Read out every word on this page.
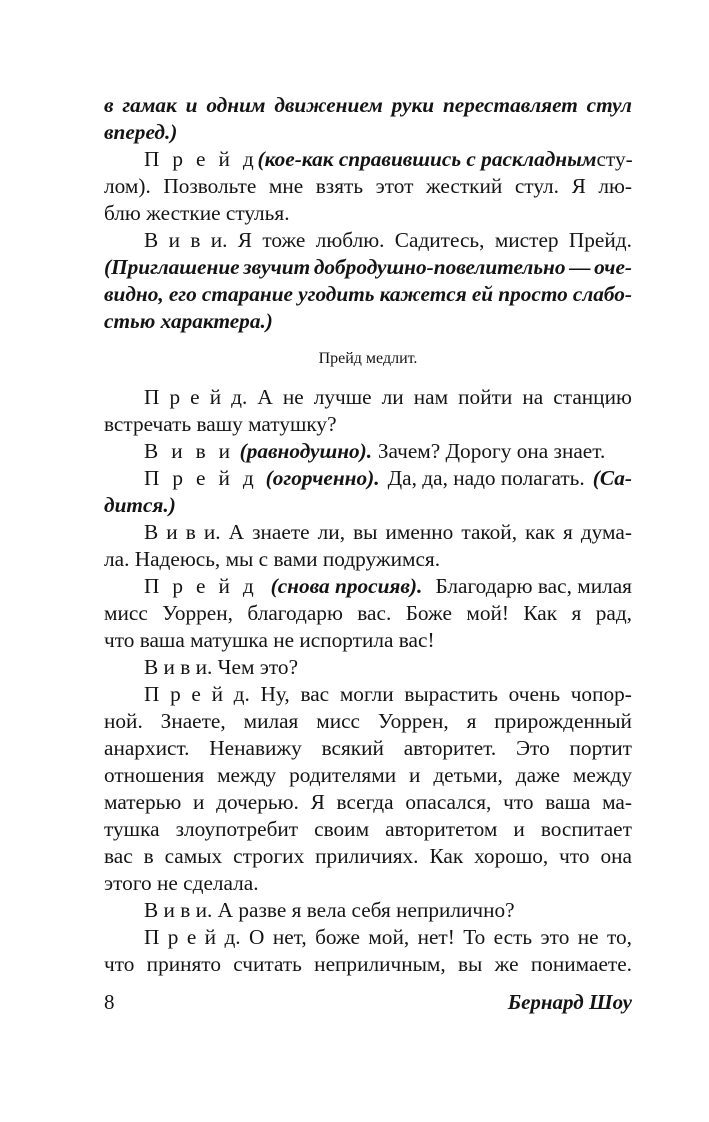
в гамак и одним движением руки переставляет стул
вперед.)
П р е й д (кое-как справившись с раскладным сту-
лом). Позвольте мне взять этот жесткий стул. Я лю-
блю жесткие стулья.
В и в и. Я тоже люблю. Садитесь, мистер Прейд.
(Приглашение звучит добродушно-повелительно — оче-
видно, его старание угодить кажется ей просто слабо-
стью характера.)
Прейд медлит.
П р е й д. А не лучше ли нам пойти на станцию
встречать вашу матушку?
В и в и (равнодушно). Зачем? Дорогу она знает.
П р е й д (огорченно). Да, да, надо полагать. (Са-
дится.)
В и в и. А знаете ли, вы именно такой, как я дума-
ла. Надеюсь, мы с вами подружимся.
П р е й д (снова просияв). Благодарю вас, милая
мисс Уоррен, благодарю вас. Боже мой! Как я рад,
что ваша матушка не испортила вас!
В и в и. Чем это?
П р е й д. Ну, вас могли вырастить очень чопор-
ной. Знаете, милая мисс Уоррен, я прирожденный
анархист. Ненавижу всякий авторитет. Это портит
отношения между родителями и детьми, даже между
матерью и дочерью. Я всегда опасался, что ваша ма-
тушка злоупотребит своим авторитетом и воспитает
вас в самых строгих приличиях. Как хорошо, что она
этого не сделала.
В и в и. А разве я вела себя неприлично?
П р е й д. О нет, боже мой, нет! То есть это не то,
что принято считать неприличным, вы же понимаете.
8	Бернард Шоу
